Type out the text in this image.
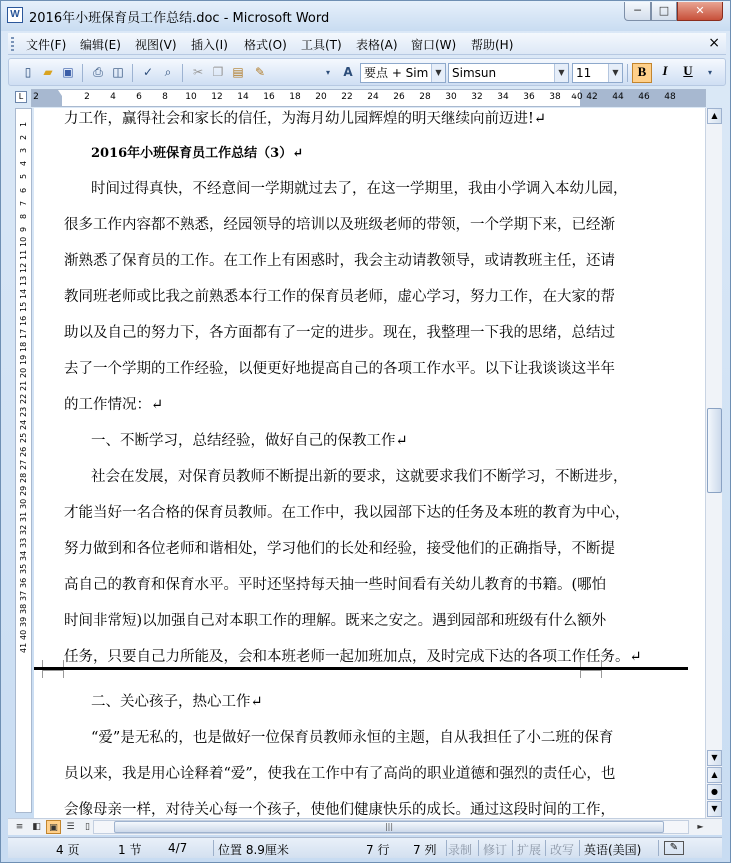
W 2016年小班保育员工作总结.doc - Microsoft Word
─	□	✕
文件(F) 编辑(E) 视图(V) 插入(I) 格式(O) 工具(T) 表格(A) 窗口(W) 帮助(H)	×
▯	▰ ▣	⎙ ◫	✓ ⌕	✂ ❐ ▤ ✎	▾	A 要点 + Sim ▼ Simsun	▼ 11	▼	B	I	U	▾
L	2	2	4	6	8	10 12 14 16 18 20 22 24 26 28 30 32 34 36 38 40 42 44 46 48
1
2
3
4
5
6
7
8
9
10
11
12
13
14
15
16
17
18
19
20
21
22
23
24
25
26
27
28
29
30
31
32
33
34
35
36
37
38
39
40
41
力工作，赢得社会和家长的信任，为海月幼儿园辉煌的明天继续向前迈进!↵
2016年小班保育员工作总结（3）↵
时间过得真快，不经意间一学期就过去了，在这一学期里，我由小学调入本幼儿园，
很多工作内容都不熟悉，经园领导的培训以及班级老师的带领，一个学期下来，已经渐
渐熟悉了保育员的工作。在工作上有困惑时，我会主动请教领导，或请教班主任，还请
教同班老师或比我之前熟悉本行工作的保育员老师，虚心学习，努力工作，在大家的帮
助以及自己的努力下，各方面都有了一定的进步。现在，我整理一下我的思绪，总结过
去了一个学期的工作经验，以便更好地提高自己的各项工作水平。以下让我谈谈这半年
的工作情况：↵
一、不断学习，总结经验，做好自己的保教工作↵
社会在发展，对保育员教师不断提出新的要求，这就要求我们不断学习，不断进步，
才能当好一名合格的保育员教师。在工作中，我以园部下达的任务及本班的教育为中心，
努力做到和各位老师和谐相处，学习他们的长处和经验，接受他们的正确指导，不断提
高自己的教育和保育水平。平时还坚持每天抽一些时间看有关幼儿教育的书籍。(哪怕
时间非常短)以加强自己对本职工作的理解。既来之安之。遇到园部和班级有什么额外
任务，只要自己力所能及，会和本班老师一起加班加点，及时完成下达的各项工作任务。↵
二、关心孩子，热心工作↵
“爱”是无私的，也是做好一位保育员教师永恒的主题，自从我担任了小二班的保育
员以来，我是用心诠释着“爱”，使我在工作中有了高尚的职业道德和强烈的责任心，也
会像母亲一样，对待关心每一个孩子，使他们健康快乐的成长。通过这段时间的工作，
▲
▼
▲
●
▼
≡ ◧ ▣ ☰	▯	|||	►
4 页	1 节 4/7	位置 8.9厘米	7 行 7 列 录制 修订 扩展 改写 英语(美国)	✎
